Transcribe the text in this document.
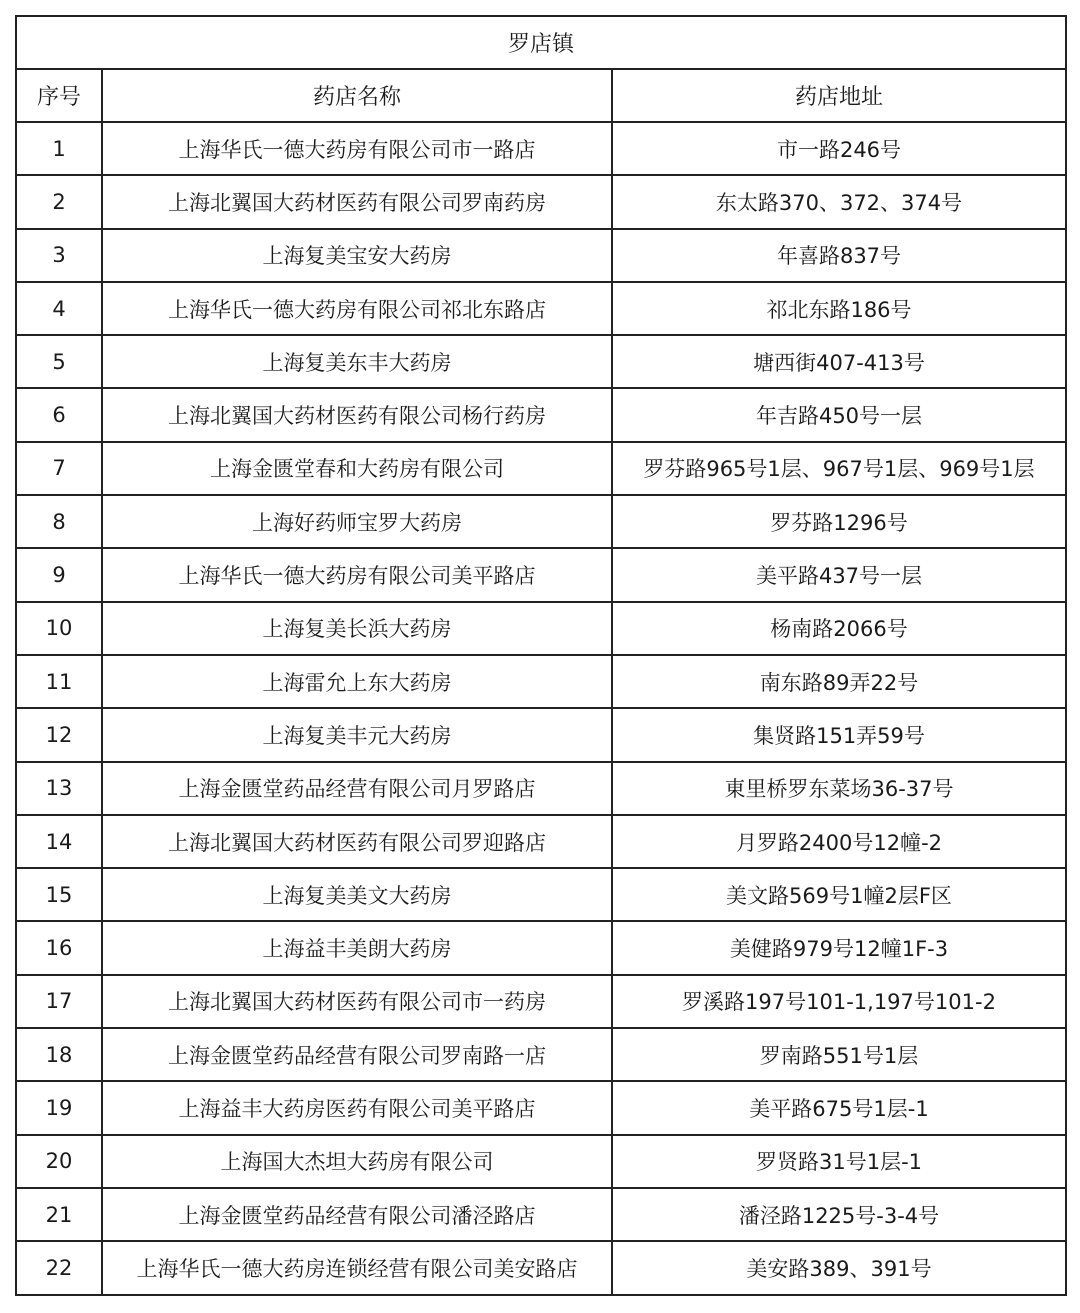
罗店镇		
序号	药店名称	药店地址
1	上海华氏一德大药房有限公司市一路店	市一路246号
2	上海北翼国大药材医药有限公司罗南药房	东太路370、372、374号
3	上海复美宝安大药房	年喜路837号
4	上海华氏一德大药房有限公司祁北东路店	祁北东路186号
5	上海复美东丰大药房	塘西街407-413号
6	上海北翼国大药材医药有限公司杨行药房	年吉路450号一层
7	上海金匮堂春和大药房有限公司	罗芬路965号1层、967号1层、969号1层
8	上海好药师宝罗大药房	罗芬路1296号
9	上海华氏一德大药房有限公司美平路店	美平路437号一层
10	上海复美长浜大药房	杨南路2066号
11	上海雷允上东大药房	南东路89弄22号
12	上海复美丰元大药房	集贤路151弄59号
13	上海金匮堂药品经营有限公司月罗路店	東里桥罗东菜场36-37号
14	上海北翼国大药材医药有限公司罗迎路店	月罗路2400号12幢-2
15	上海复美美文大药房	美文路569号1幢2层F区
16	上海益丰美朗大药房	美健路979号12幢1F-3
17	上海北翼国大药材医药有限公司市一药房	罗溪路197号101-1,197号101-2
18	上海金匮堂药品经营有限公司罗南路一店	罗南路551号1层
19	上海益丰大药房医药有限公司美平路店	美平路675号1层-1
20	上海国大杰坦大药房有限公司	罗贤路31号1层-1
21	上海金匮堂药品经营有限公司潘泾路店	潘泾路1225号-3-4号
22	上海华氏一德大药房连锁经营有限公司美安路店	美安路389、391号
